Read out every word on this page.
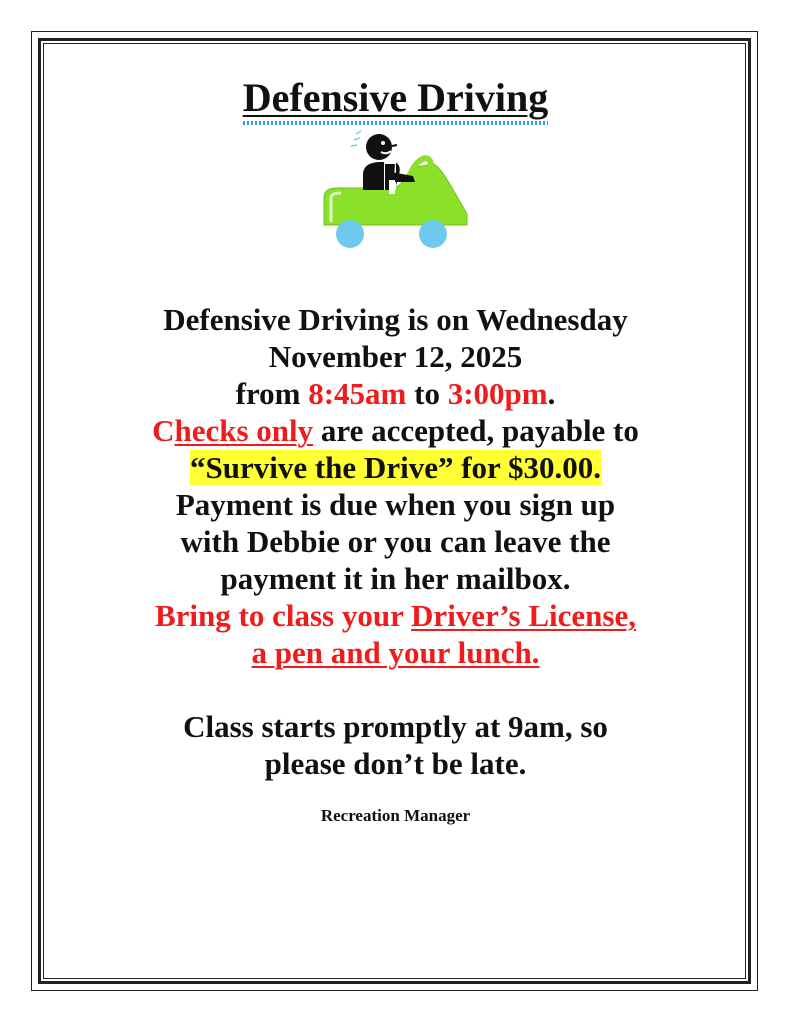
Defensive Driving
Defensive Driving is on Wednesday
November 12, 2025
from 8:45am to 3:00pm.
Checks only are accepted, payable to
“Survive the Drive” for $30.00.
Payment is due when you sign up
with Debbie or you can leave the
payment it in her mailbox.
Bring to class your Driver’s License,
a pen and your lunch.
Class starts promptly at 9am, so
please don’t be late.
Recreation Manager
